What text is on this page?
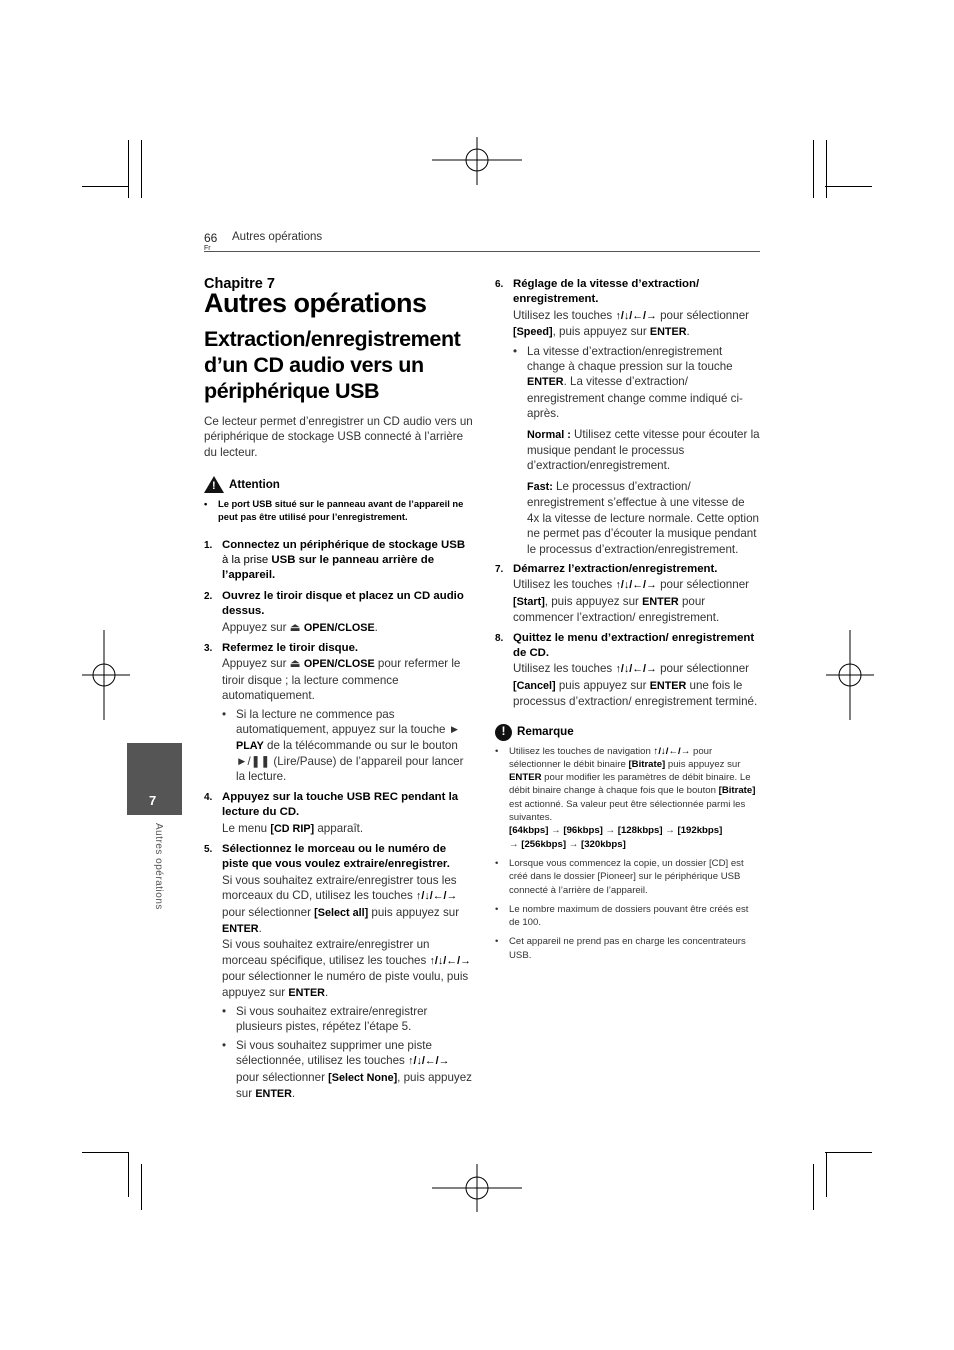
66
Fr
Autres opérations
7
Autres opérations

Chapitre 7

Autres opérations

Extraction/enregistrement d’un CD audio vers un périphérique USB

Ce lecteur permet d’enregistrer un CD audio vers un périphérique de stockage USB connecté à l’arrière du lecteur.

! Attention
• Le port USB situé sur le panneau avant de l’appareil ne peut pas être utilisé pour l’enregistrement.
1. Connectez un périphérique de stockage USB à la prise USB sur le panneau arrière de l’appareil.

2. Ouvrez le tiroir disque et placez un CD audio dessus.

Appuyez sur ⏏ OPEN/CLOSE.

3. Refermez le tiroir disque.

Appuyez sur ⏏ OPEN/CLOSE pour refermer le tiroir disque ; la lecture commence automatiquement.

• Si la lecture ne commence pas automatiquement, appuyez sur la touche ► PLAY de la télécommande ou sur le bouton ►/❚❚ (Lire/Pause) de l’appareil pour lancer la lecture.
4. Appuyez sur la touche USB REC pendant la lecture du CD.

Le menu [CD RIP] apparaît.

5. Sélectionnez le morceau ou le numéro de piste que vous voulez extraire/enregistrer.

Si vous souhaitez extraire/enregistrer tous les morceaux du CD, utilisez les touches ↑/↓/←/→ pour sélectionner [Select all] puis appuyez sur ENTER.

Si vous souhaitez extraire/enregistrer un morceau spécifique, utilisez les touches ↑/↓/←/→ pour sélectionner le numéro de piste voulu, puis appuyez sur ENTER.

• Si vous souhaitez extraire/enregistrer plusieurs pistes, répétez l’étape 5.
• Si vous souhaitez supprimer une piste sélectionnée, utilisez les touches ↑/↓/←/→ pour sélectionner [Select None], puis appuyez sur ENTER.
6. Réglage de la vitesse d’extraction/ enregistrement.

Utilisez les touches ↑/↓/←/→ pour sélectionner [Speed], puis appuyez sur ENTER.

• La vitesse d’extraction/enregistrement change à chaque pression sur la touche ENTER. La vitesse d’extraction/ enregistrement change comme indiqué ci-après.

Normal : Utilisez cette vitesse pour écouter la musique pendant le processus d’extraction/enregistrement.

Fast: Le processus d’extraction/ enregistrement s’effectue à une vitesse de 4x la vitesse de lecture normale. Cette option ne permet pas d’écouter la musique pendant le processus d’extraction/enregistrement.

7. Démarrez l’extraction/enregistrement.

Utilisez les touches ↑/↓/←/→ pour sélectionner [Start], puis appuyez sur ENTER pour commencer l’extraction/ enregistrement.

8. Quittez le menu d’extraction/ enregistrement de CD.

Utilisez les touches ↑/↓/←/→ pour sélectionner [Cancel] puis appuyez sur ENTER une fois le processus d’extraction/ enregistrement terminé.

! Remarque
• Utilisez les touches de navigation ↑/↓/←/→ pour sélectionner le débit binaire [Bitrate] puis appuyez sur ENTER pour modifier les paramètres de débit binaire. Le débit binaire change à chaque fois que le bouton [Bitrate] est actionné. Sa valeur peut être sélectionnée parmi les suivantes.
[64kbps] → [96kbps] → [128kbps] → [192kbps]
→ [256kbps] → [320kbps]
• Lorsque vous commencez la copie, un dossier [CD] est créé dans le dossier [Pioneer] sur le périphérique USB connecté à l’arrière de l’appareil.
• Le nombre maximum de dossiers pouvant être créés est de 100.
• Cet appareil ne prend pas en charge les concentrateurs USB.
